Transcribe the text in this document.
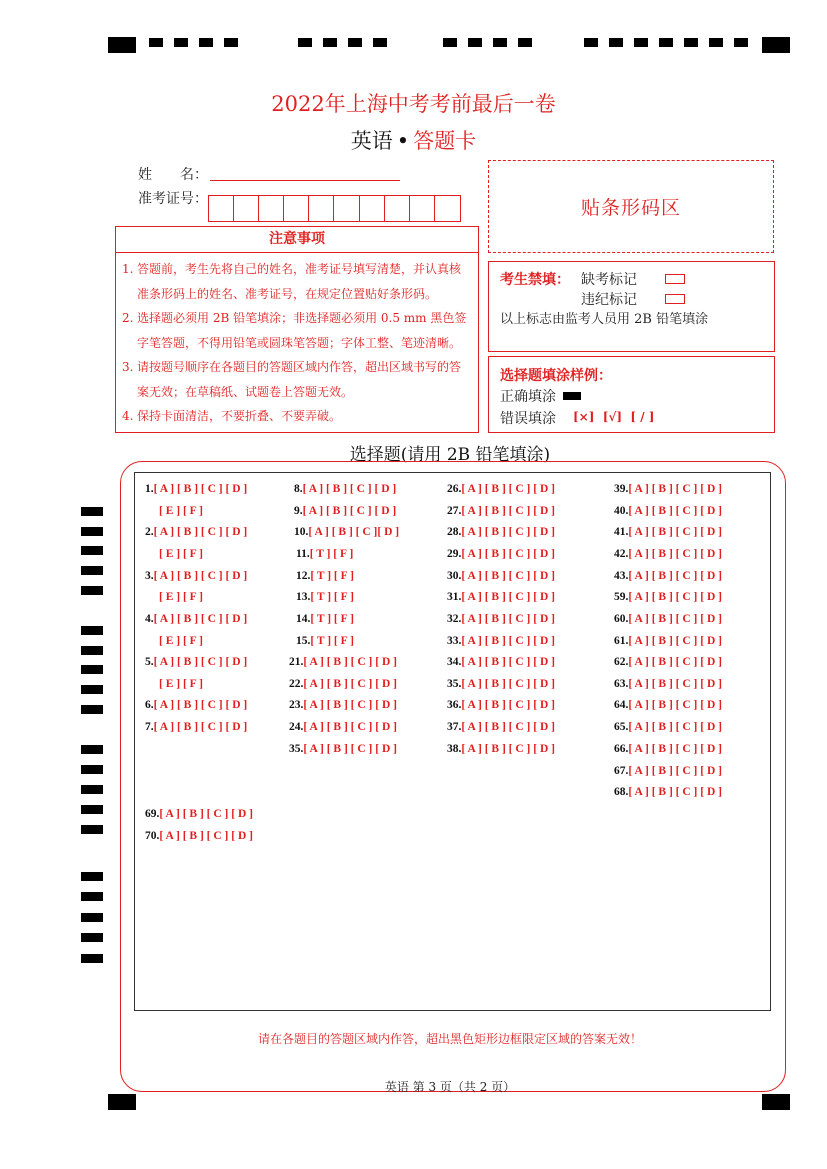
2022年上海中考考前最后一卷
英语 • 答题卡
姓　　名：
准考证号：	贴条形码区
注意事项
1. 答题前，考生先将自己的姓名，准考证号填写清楚，并认真核准条形码上的姓名、准考证号，在规定位置贴好条形码。
2. 选择题必须用 2B 铅笔填涂；非选择题必须用 0.5 mm 黑色签字笔答题，不得用铅笔或圆珠笔答题；字体工整、笔迹清晰。
3. 请按题号顺序在各题目的答题区域内作答，超出区域书写的答案无效；在草稿纸、试题卷上答题无效。
4. 保持卡面清洁，不要折叠、不要弄破。
考生禁填： 缺考标记
违纪标记
以上标志由监考人员用 2B 铅笔填涂
选择题填涂样例：
正确填涂
错误填涂 [×]  [√]  [ / ]
选择题(请用 2B 铅笔填涂)
1.[ A ] [ B ] [ C ] [ D ]
[ E ] [ F ]
2.[ A ] [ B ] [ C ] [ D ]
[ E ] [ F ]
3.[ A ] [ B ] [ C ] [ D ]
[ E ] [ F ]
4.[ A ] [ B ] [ C ] [ D ]
[ E ] [ F ]
5.[ A ] [ B ] [ C ] [ D ]
[ E ] [ F ]
6.[ A ] [ B ] [ C ] [ D ]
7.[ A ] [ B ] [ C ] [ D ]
8.[ A ] [ B ] [ C ] [ D ]
9.[ A ] [ B ] [ C ] [ D ]
10.[ A ] [ B ] [ C ][ D ]
11.[ T ] [ F ]
12.[ T ] [ F ]
13.[ T ] [ F ]
14.[ T ] [ F ]
15.[ T ] [ F ]
21.[ A ] [ B ] [ C ] [ D ]
22.[ A ] [ B ] [ C ] [ D ]
23.[ A ] [ B ] [ C ] [ D ]
24.[ A ] [ B ] [ C ] [ D ]
35.[ A ] [ B ] [ C ] [ D ]
26.[ A ] [ B ] [ C ] [ D ]
27.[ A ] [ B ] [ C ] [ D ]
28.[ A ] [ B ] [ C ] [ D ]
29.[ A ] [ B ] [ C ] [ D ]
30.[ A ] [ B ] [ C ] [ D ]
31.[ A ] [ B ] [ C ] [ D ]
32.[ A ] [ B ] [ C ] [ D ]
33.[ A ] [ B ] [ C ] [ D ]
34.[ A ] [ B ] [ C ] [ D ]
35.[ A ] [ B ] [ C ] [ D ]
36.[ A ] [ B ] [ C ] [ D ]
37.[ A ] [ B ] [ C ] [ D ]
38.[ A ] [ B ] [ C ] [ D ]
39.[ A ] [ B ] [ C ] [ D ]
40.[ A ] [ B ] [ C ] [ D ]
41.[ A ] [ B ] [ C ] [ D ]
42.[ A ] [ B ] [ C ] [ D ]
43.[ A ] [ B ] [ C ] [ D ]
59.[ A ] [ B ] [ C ] [ D ]
60.[ A ] [ B ] [ C ] [ D ]
61.[ A ] [ B ] [ C ] [ D ]
62.[ A ] [ B ] [ C ] [ D ]
63.[ A ] [ B ] [ C ] [ D ]
64.[ A ] [ B ] [ C ] [ D ]
65.[ A ] [ B ] [ C ] [ D ]
66.[ A ] [ B ] [ C ] [ D ]
67.[ A ] [ B ] [ C ] [ D ]
68.[ A ] [ B ] [ C ] [ D ]
69.[ A ] [ B ] [ C ] [ D ]
70.[ A ] [ B ] [ C ] [ D ]
请在各题目的答题区域内作答，超出黑色矩形边框限定区域的答案无效！
英语 第 3 页（共 2 页）
